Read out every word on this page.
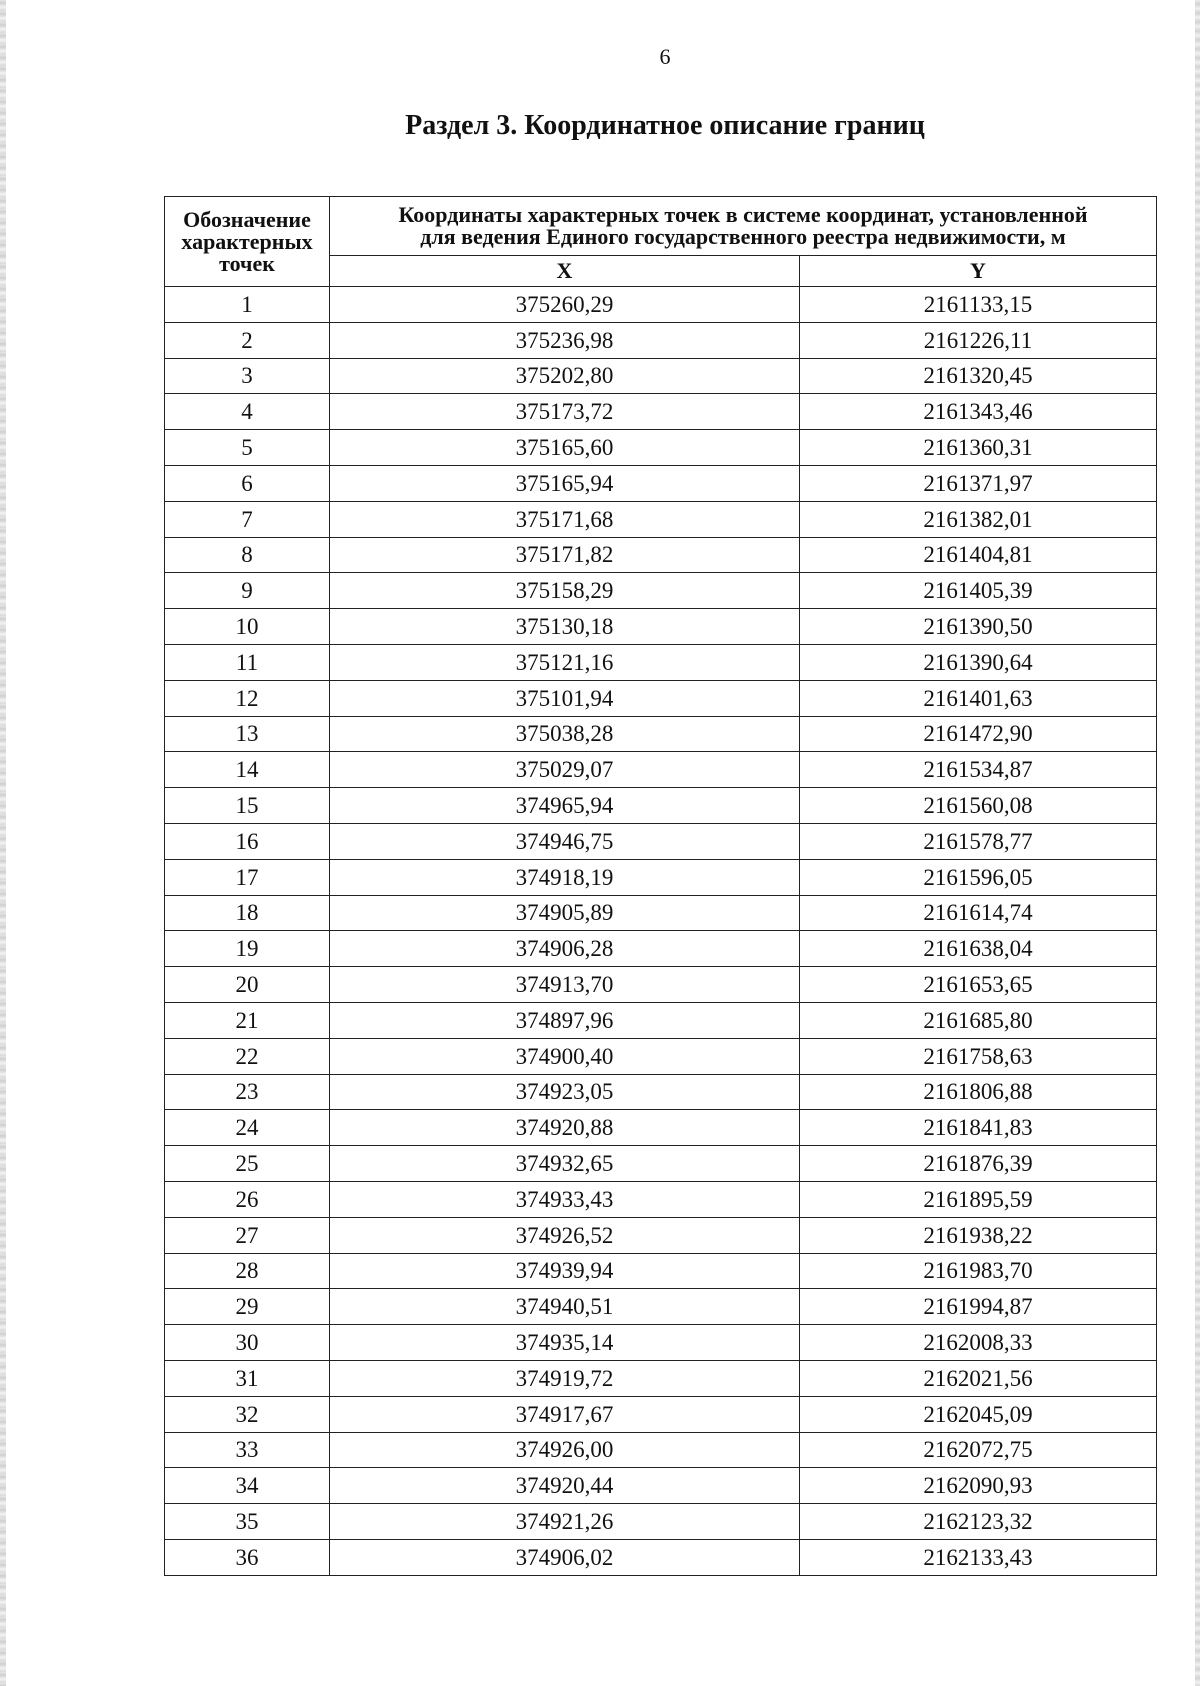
6
Раздел 3. Координатное описание границ
Обозначение
характерных
точек	Координаты характерных точек в системе координат, установленной
для ведения Единого государственного реестра недвижимости, м	
	X	Y
1	375260,29	2161133,15
2	375236,98	2161226,11
3	375202,80	2161320,45
4	375173,72	2161343,46
5	375165,60	2161360,31
6	375165,94	2161371,97
7	375171,68	2161382,01
8	375171,82	2161404,81
9	375158,29	2161405,39
10	375130,18	2161390,50
11	375121,16	2161390,64
12	375101,94	2161401,63
13	375038,28	2161472,90
14	375029,07	2161534,87
15	374965,94	2161560,08
16	374946,75	2161578,77
17	374918,19	2161596,05
18	374905,89	2161614,74
19	374906,28	2161638,04
20	374913,70	2161653,65
21	374897,96	2161685,80
22	374900,40	2161758,63
23	374923,05	2161806,88
24	374920,88	2161841,83
25	374932,65	2161876,39
26	374933,43	2161895,59
27	374926,52	2161938,22
28	374939,94	2161983,70
29	374940,51	2161994,87
30	374935,14	2162008,33
31	374919,72	2162021,56
32	374917,67	2162045,09
33	374926,00	2162072,75
34	374920,44	2162090,93
35	374921,26	2162123,32
36	374906,02	2162133,43
